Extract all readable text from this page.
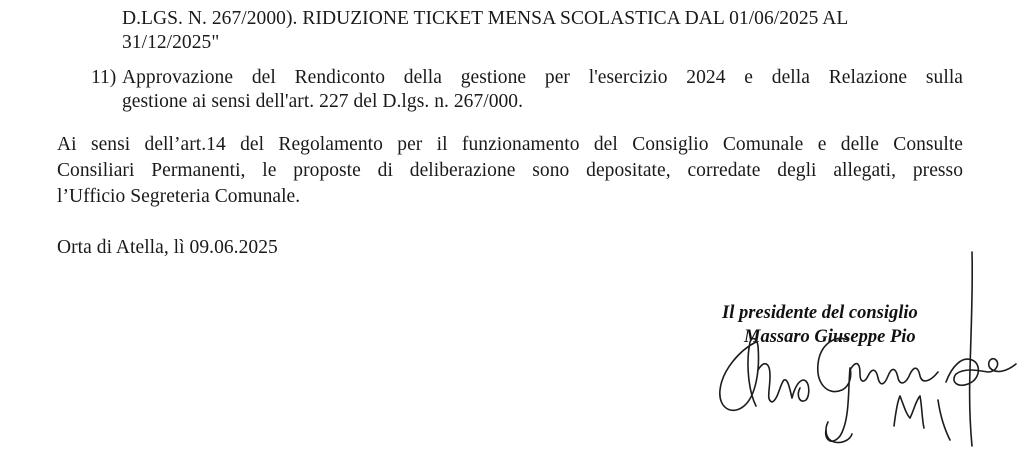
D.LGS. N. 267/2000). RIDUZIONE TICKET MENSA SCOLASTICA DAL 01/06/2025 AL
31/12/2025"
11) Approvazione del Rendiconto della gestione per l'esercizio 2024 e della Relazione sulla
gestione ai sensi dell'art. 227 del D.lgs. n. 267/000.
Ai sensi dell’art.14 del Regolamento per il funzionamento del Consiglio Comunale e delle Consulte
Consiliari Permanenti, le proposte di deliberazione sono depositate, corredate degli allegati, presso
l’Ufficio Segreteria Comunale.
Orta di Atella, lì 09.06.2025
Il presidente del consiglio
Massaro Giuseppe Pio
